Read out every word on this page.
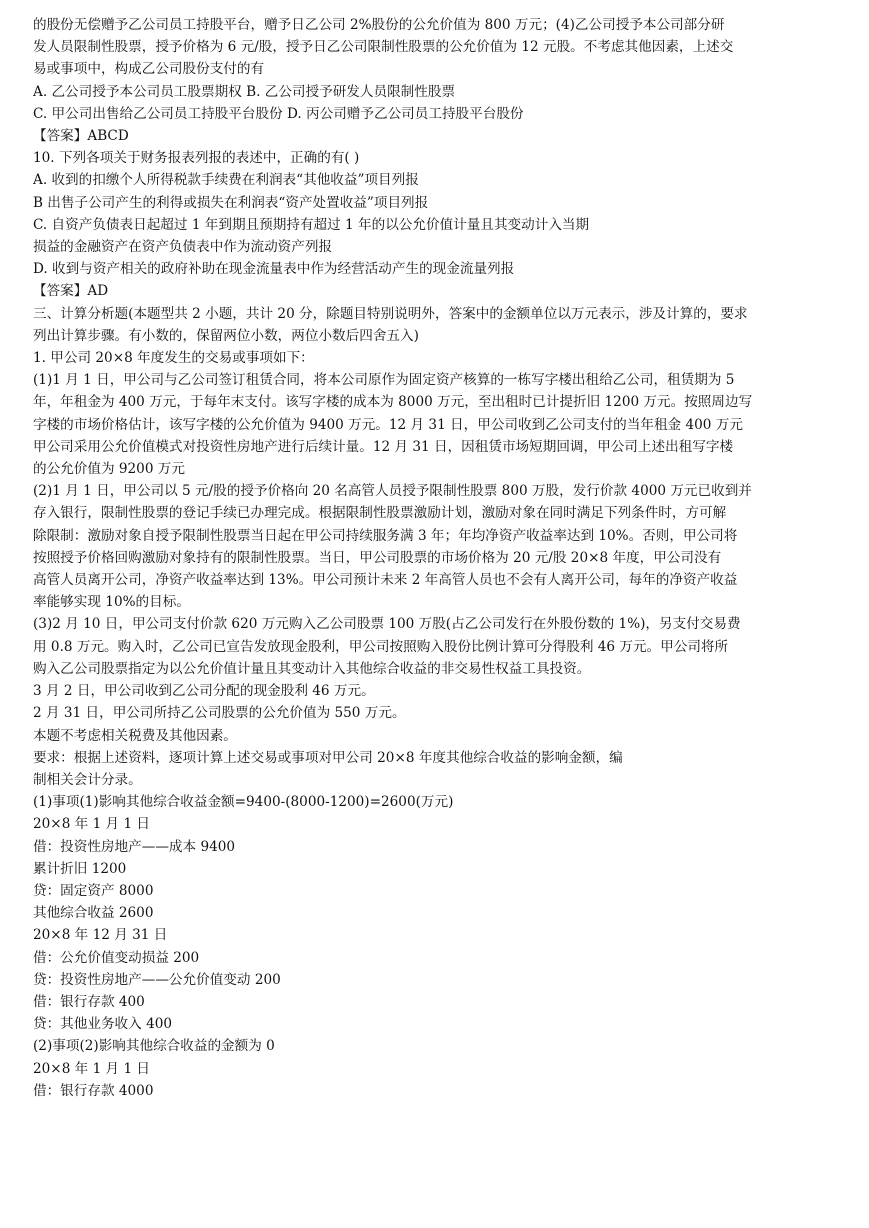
的股份无偿赠予乙公司员工持股平台，赠予日乙公司 2%股份的公允价值为 800 万元；(4)乙公司授予本公司部分研
发人员限制性股票，授予价格为 6 元/股，授予日乙公司限制性股票的公允价值为 12 元股。不考虑其他因素，上述交
易或事项中，构成乙公司股份支付的有
A. 乙公司授予本公司员工股票期权 B. 乙公司授予研发人员限制性股票
C. 甲公司出售给乙公司员工持股平台股份 D. 丙公司赠予乙公司员工持股平台股份
【答案】ABCD
10. 下列各项关于财务报表列报的表述中，正确的有( )
A. 收到的扣缴个人所得税款手续费在利润表“其他收益”项目列报
B 出售子公司产生的利得或损失在利润表“资产处置收益”项目列报
C. 自资产负债表日起超过 1 年到期且预期持有超过 1 年的以公允价值计量且其变动计入当期
损益的金融资产在资产负债表中作为流动资产列报
D. 收到与资产相关的政府补助在现金流量表中作为经营活动产生的现金流量列报
【答案】AD
三、计算分析题(本题型共 2 小题，共计 20 分，除题目特别说明外，答案中的金额单位以万元表示，涉及计算的，要求
列出计算步骤。有小数的，保留两位小数，两位小数后四舍五入)
1. 甲公司 20×8 年度发生的交易或事项如下：
(1)1 月 1 日，甲公司与乙公司签订租赁合同，将本公司原作为固定资产核算的一栋写字楼出租给乙公司，租赁期为 5
年，年租金为 400 万元，于每年末支付。该写字楼的成本为 8000 万元，至出租时已计提折旧 1200 万元。按照周边写
字楼的市场价格估计，该写字楼的公允价值为 9400 万元。12 月 31 日，甲公司收到乙公司支付的当年租金 400 万元
甲公司采用公允价值模式对投资性房地产进行后续计量。12 月 31 日，因租赁市场短期回调，甲公司上述出租写字楼
的公允价值为 9200 万元
(2)1 月 1 日，甲公司以 5 元/股的授予价格向 20 名高管人员授予限制性股票 800 万股，发行价款 4000 万元已收到并
存入银行，限制性股票的登记手续已办理完成。根据限制性股票激励计划，激励对象在同时满足下列条件时，方可解
除限制：激励对象自授予限制性股票当日起在甲公司持续服务满 3 年；年均净资产收益率达到 10%。否则，甲公司将
按照授予价格回购激励对象持有的限制性股票。当日，甲公司股票的市场价格为 20 元/股 20×8 年度，甲公司没有
高管人员离开公司，净资产收益率达到 13%。甲公司预计未来 2 年高管人员也不会有人离开公司，每年的净资产收益
率能够实现 10%的目标。
(3)2 月 10 日，甲公司支付价款 620 万元购入乙公司股票 100 万股(占乙公司发行在外股份数的 1%)，另支付交易费
用 0.8 万元。购入时，乙公司已宣告发放现金股利，甲公司按照购入股份比例计算可分得股利 46 万元。甲公司将所
购入乙公司股票指定为以公允价值计量且其变动计入其他综合收益的非交易性权益工具投资。
3 月 2 日，甲公司收到乙公司分配的现金股利 46 万元。
2 月 31 日，甲公司所持乙公司股票的公允价值为 550 万元。
本题不考虑相关税费及其他因素。
要求：根据上述资料，逐项计算上述交易或事项对甲公司 20×8 年度其他综合收益的影响金额，编
制相关会计分录。
(1)事项(1)影响其他综合收益金额=9400-(8000-1200)=2600(万元)
20×8 年 1 月 1 日
借：投资性房地产——成本 9400
累计折旧 1200
贷：固定资产 8000
其他综合收益 2600
20×8 年 12 月 31 日
借：公允价值变动损益 200
贷：投资性房地产——公允价值变动 200
借：银行存款 400
贷：其他业务收入 400
(2)事项(2)影响其他综合收益的金额为 0
20×8 年 1 月 1 日
借：银行存款 4000
